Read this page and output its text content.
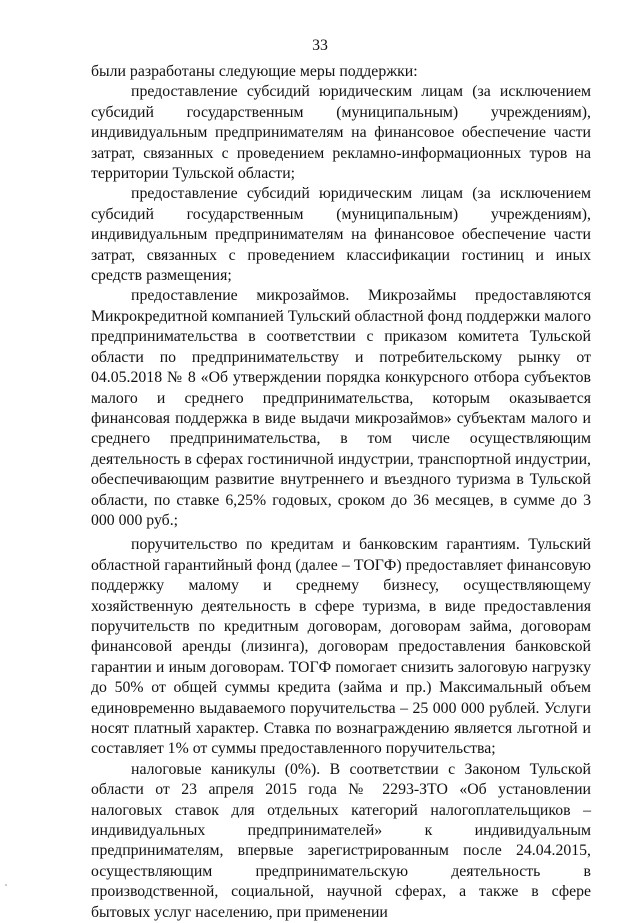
33

были разработаны следующие меры поддержки:

предоставление субсидий юридическим лицам (за исключением субсидий государственным (муниципальным) учреждениям), индивидуальным предпринимателям на финансовое обеспечение части затрат, связанных с проведением рекламно-информационных туров на территории Тульской области;

предоставление субсидий юридическим лицам (за исключением субсидий государственным (муниципальным) учреждениям), индивидуальным предпринимателям на финансовое обеспечение части затрат, связанных с проведением классификации гостиниц и иных средств размещения;

предоставление микрозаймов. Микрозаймы предоставляются Микрокредитной компанией Тульский областной фонд поддержки малого предпринимательства в соответствии с приказом комитета Тульской области по предпринимательству и потребительскому рынку от 04.05.2018 № 8 «Об утверждении порядка конкурсного отбора субъектов малого и среднего предпринимательства, которым оказывается финансовая поддержка в виде выдачи микрозаймов» субъектам малого и среднего предпринимательства, в том числе осуществляющим деятельность в сферах гостиничной индустрии, транспортной индустрии, обеспечивающим развитие внутреннего и въездного туризма в Тульской области, по ставке 6,25% годовых, сроком до 36 месяцев, в сумме до 3 000 000 руб.;

поручительство по кредитам и банковским гарантиям. Тульский областной гарантийный фонд (далее – ТОГФ) предоставляет финансовую поддержку малому и среднему бизнесу, осуществляющему хозяйственную деятельность в сфере туризма, в виде предоставления поручительств по кредитным договорам, договорам займа, договорам финансовой аренды (лизинга), договорам предоставления банковской гарантии и иным договорам. ТОГФ помогает снизить залоговую нагрузку до 50% от общей суммы кредита (займа и пр.) Максимальный объем единовременно выдаваемого поручительства – 25 000 000 рублей. Услуги носят платный характер. Ставка по вознаграждению является льготной и составляет 1% от суммы предоставленного поручительства;

налоговые каникулы (0%). В соответствии с Законом Тульской области от 23 апреля 2015 года № 2293-ЗТО «Об установлении налоговых ставок для отдельных категорий налогоплательщиков – индивидуальных предпринимателей» к индивидуальным предпринимателям, впервые зарегистрированным после 24.04.2015, осуществляющим предпринимательскую деятельность в производственной, социальной, научной сферах, а также в сфере бытовых услуг населению, при применении
